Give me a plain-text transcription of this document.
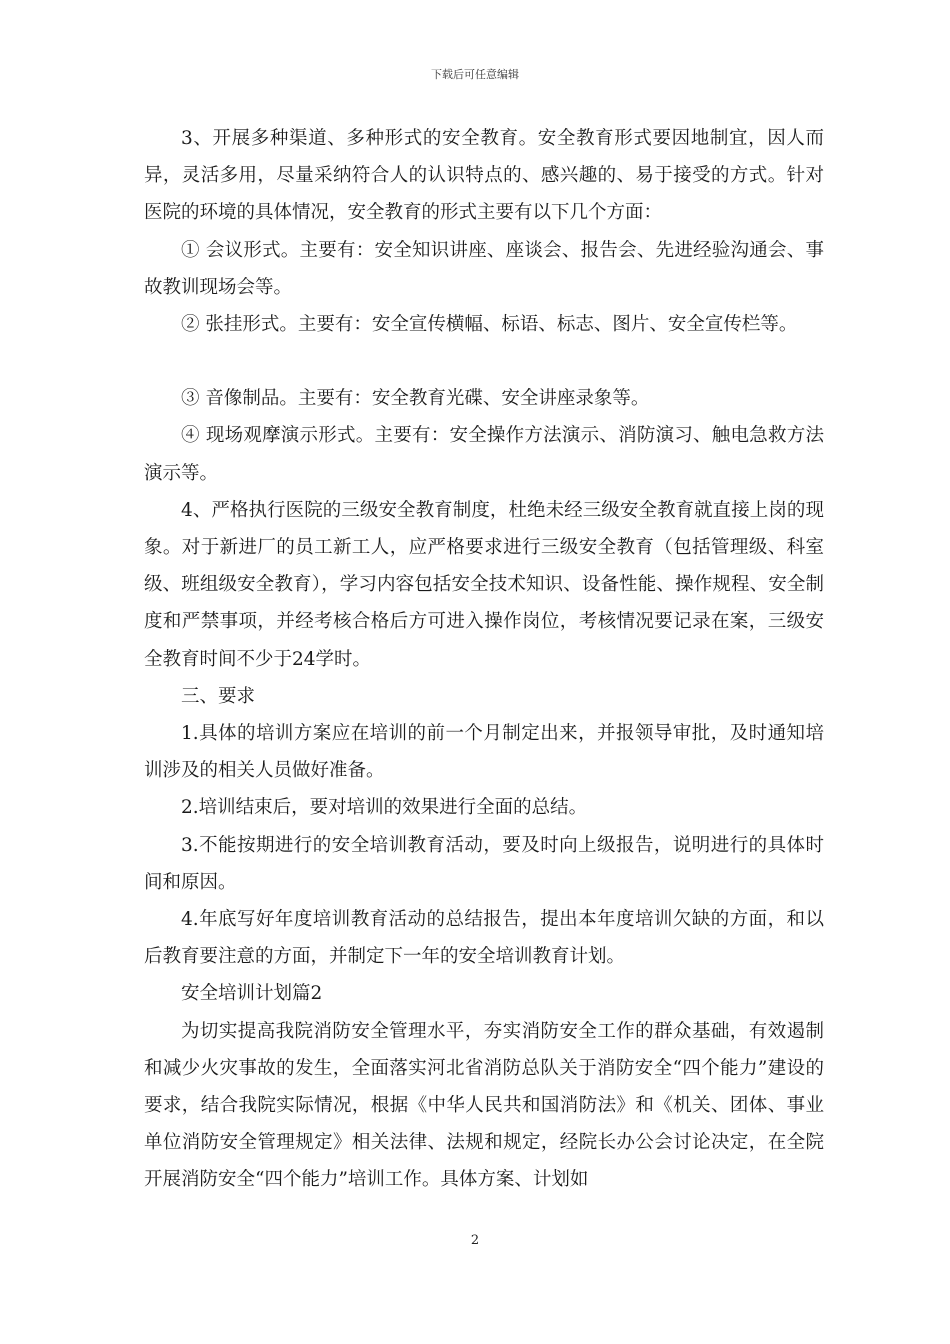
下载后可任意编辑

3、开展多种渠道、多种形式的安全教育。安全教育形式要因地制宜，因人而异，灵活多用，尽量采纳符合人的认识特点的、感兴趣的、易于接受的方式。针对医院的环境的具体情况，安全教育的形式主要有以下几个方面：

① 会议形式。主要有：安全知识讲座、座谈会、报告会、先进经验沟通会、事故教训现场会等。

② 张挂形式。主要有：安全宣传横幅、标语、标志、图片、安全宣传栏等。

③ 音像制品。主要有：安全教育光碟、安全讲座录象等。

④ 现场观摩演示形式。主要有：安全操作方法演示、消防演习、触电急救方法演示等。

4、严格执行医院的三级安全教育制度，杜绝未经三级安全教育就直接上岗的现象。对于新进厂的员工新工人，应严格要求进行三级安全教育（包括管理级、科室级、班组级安全教育），学习内容包括安全技术知识、设备性能、操作规程、安全制度和严禁事项，并经考核合格后方可进入操作岗位，考核情况要记录在案，三级安全教育时间不少于24学时。

三、要求

1.具体的培训方案应在培训的前一个月制定出来，并报领导审批，及时通知培训涉及的相关人员做好准备。

2.培训结束后，要对培训的效果进行全面的总结。

3.不能按期进行的安全培训教育活动，要及时向上级报告，说明进行的具体时间和原因。

4.年底写好年度培训教育活动的总结报告，提出本年度培训欠缺的方面，和以后教育要注意的方面，并制定下一年的安全培训教育计划。

安全培训计划篇2

为切实提高我院消防安全管理水平，夯实消防安全工作的群众基础，有效遏制和减少火灾事故的发生，全面落实河北省消防总队关于消防安全“四个能力”建设的要求，结合我院实际情况，根据《中华人民共和国消防法》和《机关、团体、事业单位消防安全管理规定》相关法律、法规和规定，经院长办公会讨论决定，在全院开展消防安全“四个能力”培训工作。具体方案、计划如

2
